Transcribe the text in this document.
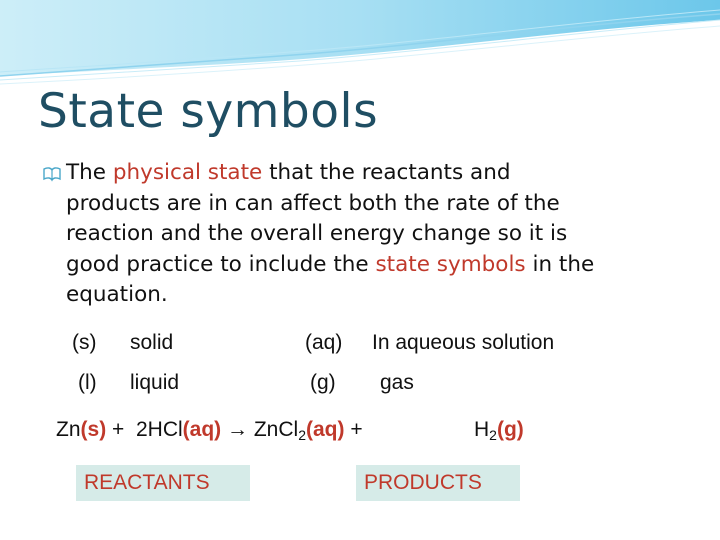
State symbols
The physical state that the reactants and
products are in can affect both the rate of the
reaction and the overall energy change so it is
good practice to include the state symbols in the
equation.
(s) solid	(aq) In aqueous solution
(l) liquid	(g) gas
Zn(s) + 2HCl(aq) → ZnCl$_2$(aq) +	$H_2(g)$
REACTANTS	PRODUCTS
